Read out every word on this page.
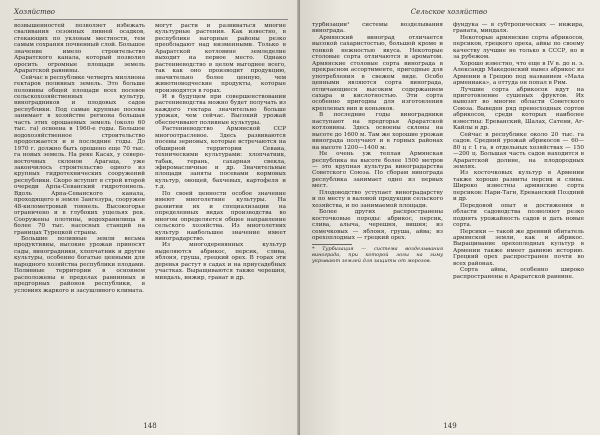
Хозяйство

возвышенностей позволяет избежать сваливания сезонных ливней осадков, стекающих по уклонам местности, тем самым сохраняя почвенный слой. Большое значение имело строительство Араратского канала, который позволил оросить огромные площади земель Араратской равнины.

Сейчас в республике четверть миллиона гектаров поливных земель. Это больше половины общей площади всех посевов сельскохозяйственных культур, виноградников и плодовых садов республики. Под самые крупные посевы занимает в хозяйстве региона большая часть этих орошаемых земель (около 60 тыс. га) освоена в 1960-е годы. Большое водохозяйственное строительство продолжается и в последние годы. До 1970 г. должно быть орошено еще 70 тыс. га новых земель. На реке Касах, у северо-восточных склонов Арагаца, уже закончилось строительство одного из крупных гидротехнических сооружений республики. Скоро вступит в строй второй очереди Арпа-Севанский гидротоннель. Вдоль Арпа-Севанского канала, проходящего в земле Зангезура, сооружен 48-километровый тоннель. Высокогорье ограничено и в глубоких ущельях рек. Сооружены плотины, водохранилища и более 70 тыс. насосных станций на границах Турецкой страны.

Большие поливные земли весьма продуктивны, высокие урожаи приносят сады, виноградники, хлопчатник и другие культуры, особенно богатые ценными для народного хозяйства республики плодами. Поливные территории в основном расположены в пределах равнинных и предгорных районов республики, в условиях жаркого и засушливого климата.

могут расти и развиваться многие культурные растения. Как известно, в республике нагорные районы резко преобладают над низменными. Только в Араратской котловине земледелие выходит на первое место. Однако растениеводство в целом выгоднее всего, так как оно производит продукцию, значительно более ценную, чем животноводческие продукты, которые производятся в горах.

И в будущем при совершенствовании растениеводства можно будет получать из каждого гектара значительно больше урожая, чем сейчас. Высокий урожай обеспечивают поливные культуры.

Растениеводство Армянской ССР многоотраслевое. Здесь развиваются посевы зерновых, которые встречаются на обширной территории Севана, техническими культурами: хлопчатник, табак, герань, сахарная свекла, эфиромасличные и др. Значительные площади заняты посевами кормовых культур, овощей, бахчевых, картофеля и т.д.

По своей ценности особое значение имеют многолетние культуры. На развитии их и специализации на определенных видах производства во многом определяется общее направление сельского хозяйства. Из многолетних культур наибольшее значение имеет виноградарство.

Из многодеревянных культур выделяются абрикос, персик, слива, яблоня, груша, грецкий орех. В горах эти деревья растут в садах и на приусадебных участках. Выращиваются также черешня, миндаль, инжир, гранат и др.

148
Сельское хозяйство

турбизации¹ системы возделывания винограда.

Армянский виноград отличается высокой сахаристостью, большой кроме и тонкой нежностью вкуса. Некоторые столовые сорта отличаются и ароматом. Армянские столовые сорта винограда в прекрасном ассортименте, пригодные для употребления в свежем виде. Особо ценными являются сорта винограда, отличающиеся высоким содержанием сахара и кислотностью. Эти сорта особенно пригодны для изготовления крепленых вин и коньяков.

В последние годы виноградники наступают на предгорья Араратской котловины. Здесь освоены склоны на высоте до 1600 м. Там же хорошие урожаи винограда получают и в горных районах на высоте 1200—1400 м.

Не очень уж теплая Армянская республика на высоте более 1500 метров — это крупная культура виноградарства Советского Союза. По сборам винограда республика занимает одно из первых мест.

Плодоводство уступает виноградарству и по месту в валовой продукции сельского хозяйства, и по занимаемой площади.

Более других распространены косточковые породы: абрикос, персик, слива, алыча, черешня, вишня; из семечковых — яблоня, груша, айва; из орехоплодных — грецкий орех.

* Турбизация — система возделывания винограда, при которой лозы на зиму укрывают землей для защиты от морозов.

фундука — в субтропических — инжира, граната, миндаля.

Некоторые армянские сорта абрикосов, персиков, грецкого ореха, айвы по своему качеству лучшие не только в СССР, но и за рубежом.

Хорошо известно, что еще в IV в. до н. э. Александр Македонский вывез абрикос из Армении в Грецию под названием «Мала армениака», а оттуда он попал в Рим.

Лучшие сорта абрикосов идут на приготовление сушеных фруктов. Их вывозят во многие области Советского Союза. Выведен ряд превосходных сортов абрикосов, среди которых наиболее известны: Ереванский, Шалах, Сатени, Аг-Кайлы и др.

Сейчас в республике около 20 тыс. га садов. Средний урожай абрикосов — 60—80 ц с 1 га, в отдельных хозяйствах — 150—200 ц. Большая часть садов находится в Араратской долине, на плодородных землях.

Из косточковых культур в Армении также хорошо развиты персик и слива. Широко известны армянские сорта персиков: Нари-Таги, Ереванский Поздний и др.

Передовой опыт и достижения в области садоводства позволяют резко поднять урожайность садов и дать новые сорта.

Персики — такой же древний обитатель армянской земли, как и абрикос. Выращивание орехоплодных культур в Армении также имеет давнюю историю. Грецкий орех распространен почти во всех районах.

Сорта айвы, особенно широко распространены в Араратской равнине.

149
